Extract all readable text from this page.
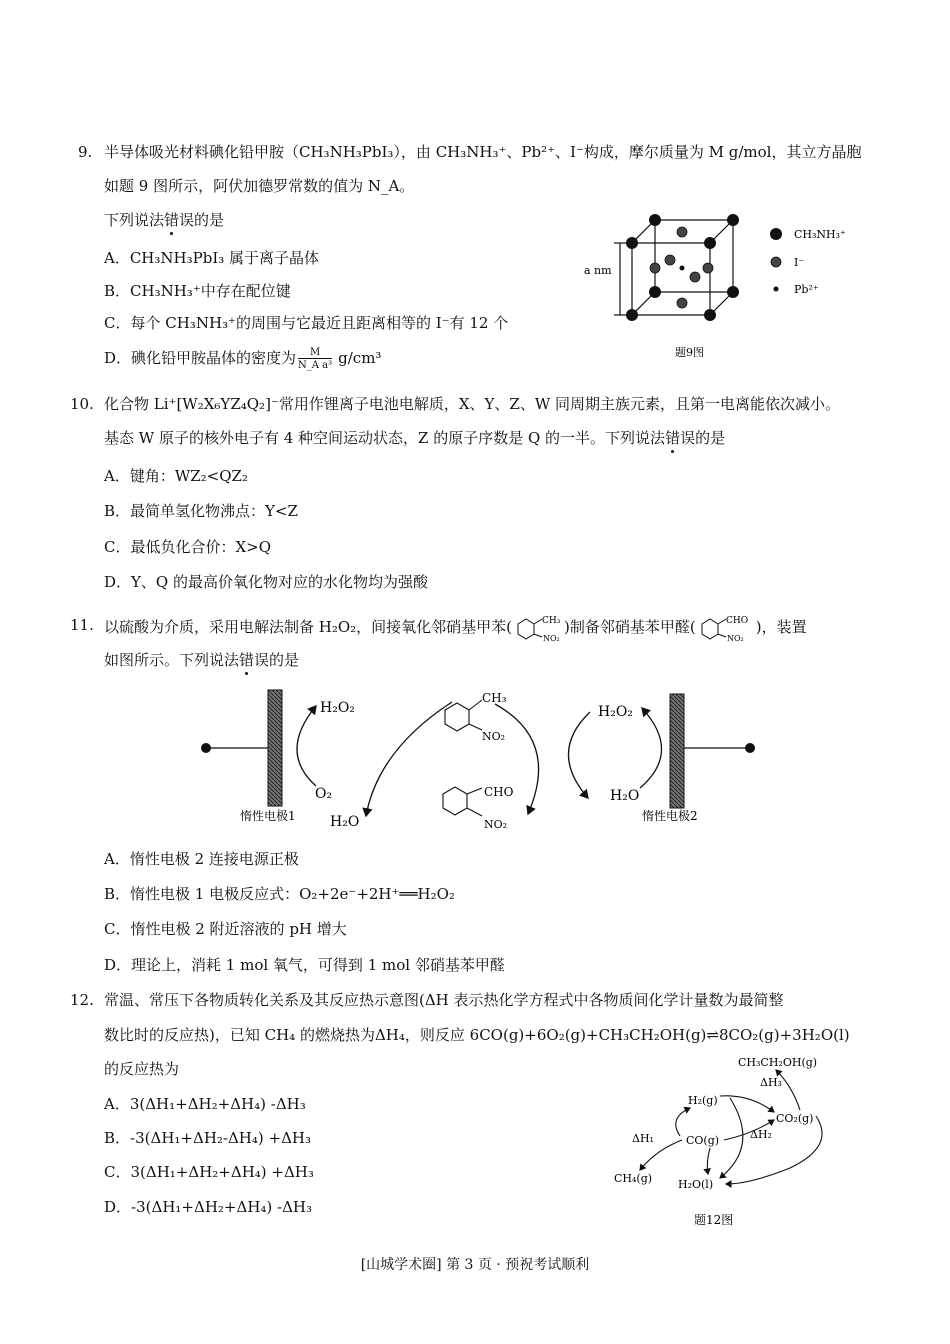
9. 半导体吸光材料碘化铅甲胺（CH₃NH₃PbI₃），由 CH₃NH₃⁺、Pb²⁺、I⁻构成，摩尔质量为 M g/mol，其立方晶胞
如题 9 图所示，阿伏加德罗常数的值为 N_A。
下列说法错误的是
A．CH₃NH₃PbI₃ 属于离子晶体
B．CH₃NH₃⁺中存在配位键
C．每个 CH₃NH₃⁺的周围与它最近且距离相等的 I⁻有 12 个
D．碘化铅甲胺晶体的密度为 $\frac{M}{\text{N\_A a³}} g/cm^3$
a nm
CH₃NH₃⁺
I⁻
Pb²⁺
题9图
10. 化合物 Li⁺[W₂X₆YZ₄Q₂]⁻常用作锂离子电池电解质，X、Y、Z、W 同周期主族元素，且第一电离能依次减小。
基态 W 原子的核外电子有 4 种空间运动状态，Z 的原子序数是 Q 的一半。下列说法错误的是
A．键角：WZ₂<QZ₂
B．最简单氢化物沸点：Y<Z
C．最低负化合价：X>Q
D．Y、Q 的最高价氧化物对应的水化物均为强酸
11. 以硫酸为介质，采用电解法制备 H₂O₂，间接氧化邻硝基甲苯(	CH₃
NO₂
)制备邻硝基苯甲醛(	CHO
NO₂
)，装置
如图所示。下列说法错误的是
惰性电极1	惰性电极2
H₂O₂
O₂
H₂O
CH₃
NO₂
CHO
NO₂
H₂O₂
H₂O
A．惰性电极 2 连接电源正极
B．惰性电极 1 电极反应式：O₂+2e⁻+2H⁺══H₂O₂
C．惰性电极 2 附近溶液的 pH 增大
D．理论上，消耗 1 mol 氧气，可得到 1 mol 邻硝基苯甲醛
12. 常温、常压下各物质转化关系及其反应热示意图(ΔH 表示热化学方程式中各物质间化学计量数为最简整
数比时的反应热)，已知 CH₄ 的燃烧热为ΔH₄，则反应 6CO(g)+6O₂(g)+CH₃CH₂OH(g)⇌8CO₂(g)+3H₂O(l)
的反应热为
A．3(ΔH₁+ΔH₂+ΔH₄) -ΔH₃
B．-3(ΔH₁+ΔH₂-ΔH₄) +ΔH₃
C．3(ΔH₁+ΔH₂+ΔH₄) +ΔH₃
D．-3(ΔH₁+ΔH₂+ΔH₄) -ΔH₃
CH₃CH₂OH(g)
ΔH₃
H₂(g)
CO₂(g)
ΔH₁	CO(g)	ΔH₂
CH₄(g) H₂O(l)
题12图
[山城学术圈] 第 3 页 · 预祝考试顺利
